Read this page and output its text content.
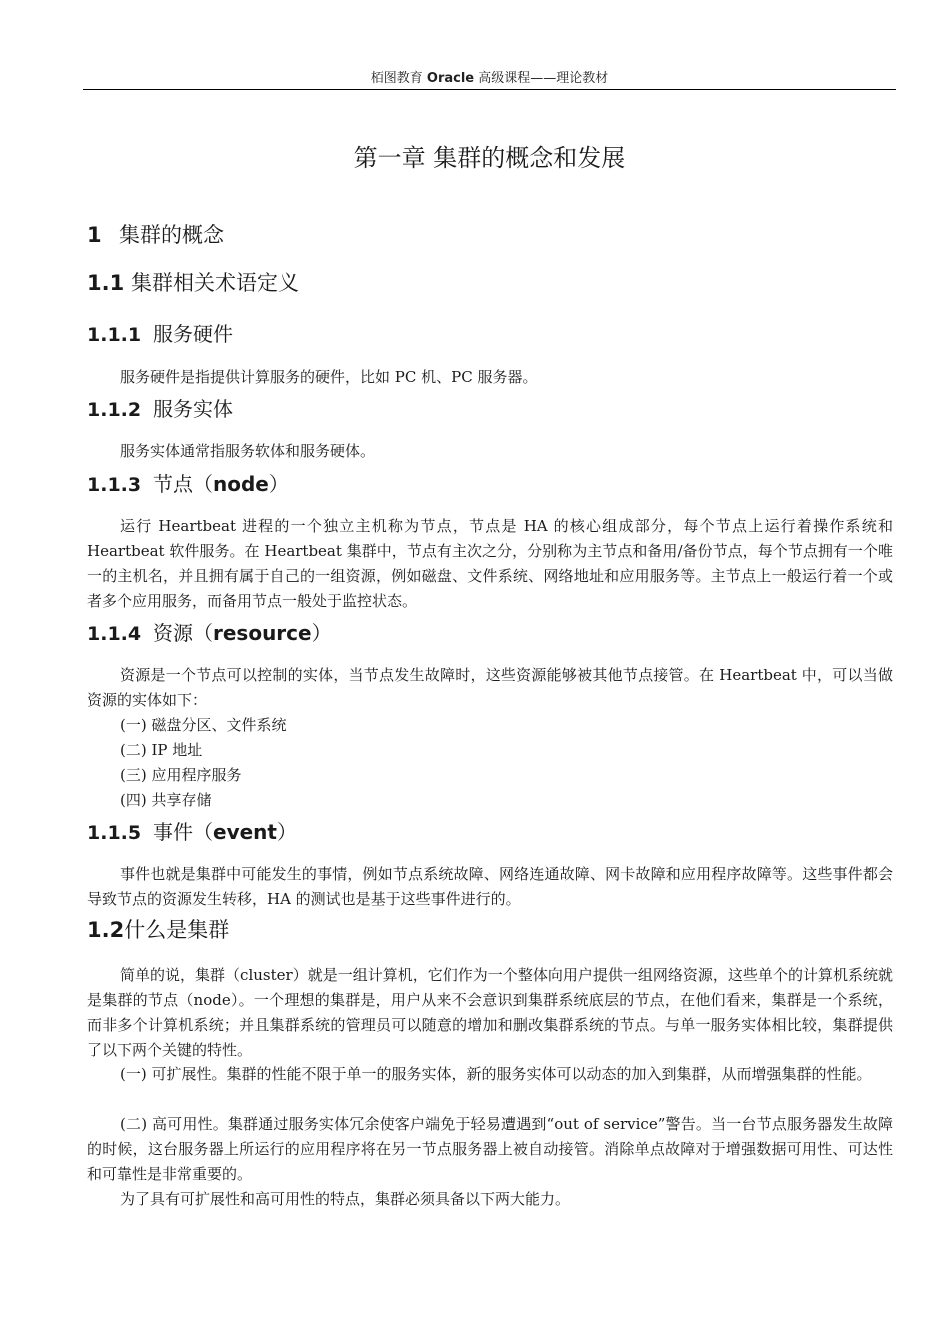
栢图教育 Oracle 高级课程——理论教材
第一章 集群的概念和发展
1 集群的概念
1.1 集群相关术语定义
1.1.1 服务硬件

服务硬件是指提供计算服务的硬件，比如 PC 机、PC 服务器。

1.1.2 服务实体

服务实体通常指服务软体和服务硬体。

1.1.3 节点（node）

运行 Heartbeat 进程的一个独立主机称为节点，节点是 HA 的核心组成部分，每个节点上运行着操作系统和 Heartbeat 软件服务。在 Heartbeat 集群中，节点有主次之分，分别称为主节点和备用/备份节点，每个节点拥有一个唯一的主机名，并且拥有属于自己的一组资源，例如磁盘、文件系统、网络地址和应用服务等。主节点上一般运行着一个或者多个应用服务，而备用节点一般处于监控状态。

1.1.4 资源（resource）

资源是一个节点可以控制的实体，当节点发生故障时，这些资源能够被其他节点接管。在 Heartbeat 中，可以当做资源的实体如下：

(一) 磁盘分区、文件系统

(二) IP 地址

(三) 应用程序服务

(四) 共享存储

1.1.5 事件（event）

事件也就是集群中可能发生的事情，例如节点系统故障、网络连通故障、网卡故障和应用程序故障等。这些事件都会导致节点的资源发生转移，HA 的测试也是基于这些事件进行的。

1.2什么是集群

简单的说，集群（cluster）就是一组计算机，它们作为一个整体向用户提供一组网络资源，这些单个的计算机系统就是集群的节点（node）。一个理想的集群是，用户从来不会意识到集群系统底层的节点，在他们看来，集群是一个系统，而非多个计算机系统；并且集群系统的管理员可以随意的增加和删改集群系统的节点。与单一服务实体相比较，集群提供了以下两个关键的特性。

(一) 可扩展性。集群的性能不限于单一的服务实体，新的服务实体可以动态的加入到集群，从而增强集群的性能。

(二) 高可用性。集群通过服务实体冗余使客户端免于轻易遭遇到“out of service”警告。当一台节点服务器发生故障的时候，这台服务器上所运行的应用程序将在另一节点服务器上被自动接管。消除单点故障对于增强数据可用性、可达性和可靠性是非常重要的。

为了具有可扩展性和高可用性的特点，集群必须具备以下两大能力。
